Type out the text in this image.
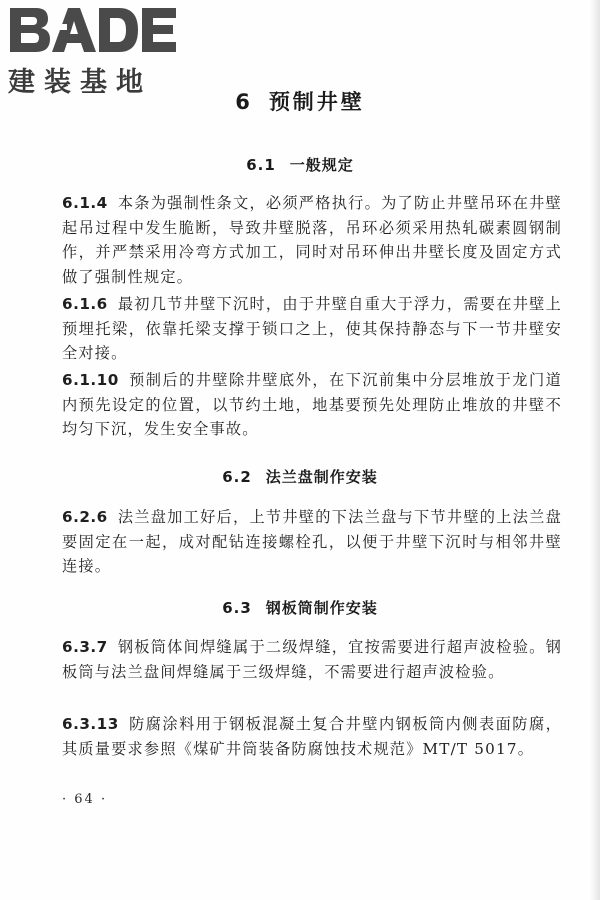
建装基地
6 预制井壁
6.1 一般规定
6.1.4 本条为强制性条文，必须严格执行。为了防止井壁吊环在井壁起吊过程中发生脆断，导致井壁脱落，吊环必须采用热轧碳素圆钢制作，并严禁采用冷弯方式加工，同时对吊环伸出井壁长度及固定方式做了强制性规定。
6.1.6 最初几节井壁下沉时，由于井壁自重大于浮力，需要在井壁上预埋托梁，依靠托梁支撑于锁口之上，使其保持静态与下一节井壁安全对接。
6.1.10 预制后的井壁除井壁底外，在下沉前集中分层堆放于龙门道内预先设定的位置，以节约土地，地基要预先处理防止堆放的井壁不均匀下沉，发生安全事故。
6.2 法兰盘制作安装
6.2.6 法兰盘加工好后，上节井壁的下法兰盘与下节井壁的上法兰盘要固定在一起，成对配钻连接螺栓孔，以便于井壁下沉时与相邻井壁连接。
6.3 钢板筒制作安装
6.3.7 钢板筒体间焊缝属于二级焊缝，宜按需要进行超声波检验。钢板筒与法兰盘间焊缝属于三级焊缝，不需要进行超声波检验。
6.3.13 防腐涂料用于钢板混凝土复合井壁内钢板筒内侧表面防腐，其质量要求参照《煤矿井筒装备防腐蚀技术规范》MT/T 5017。
· 64 ·
